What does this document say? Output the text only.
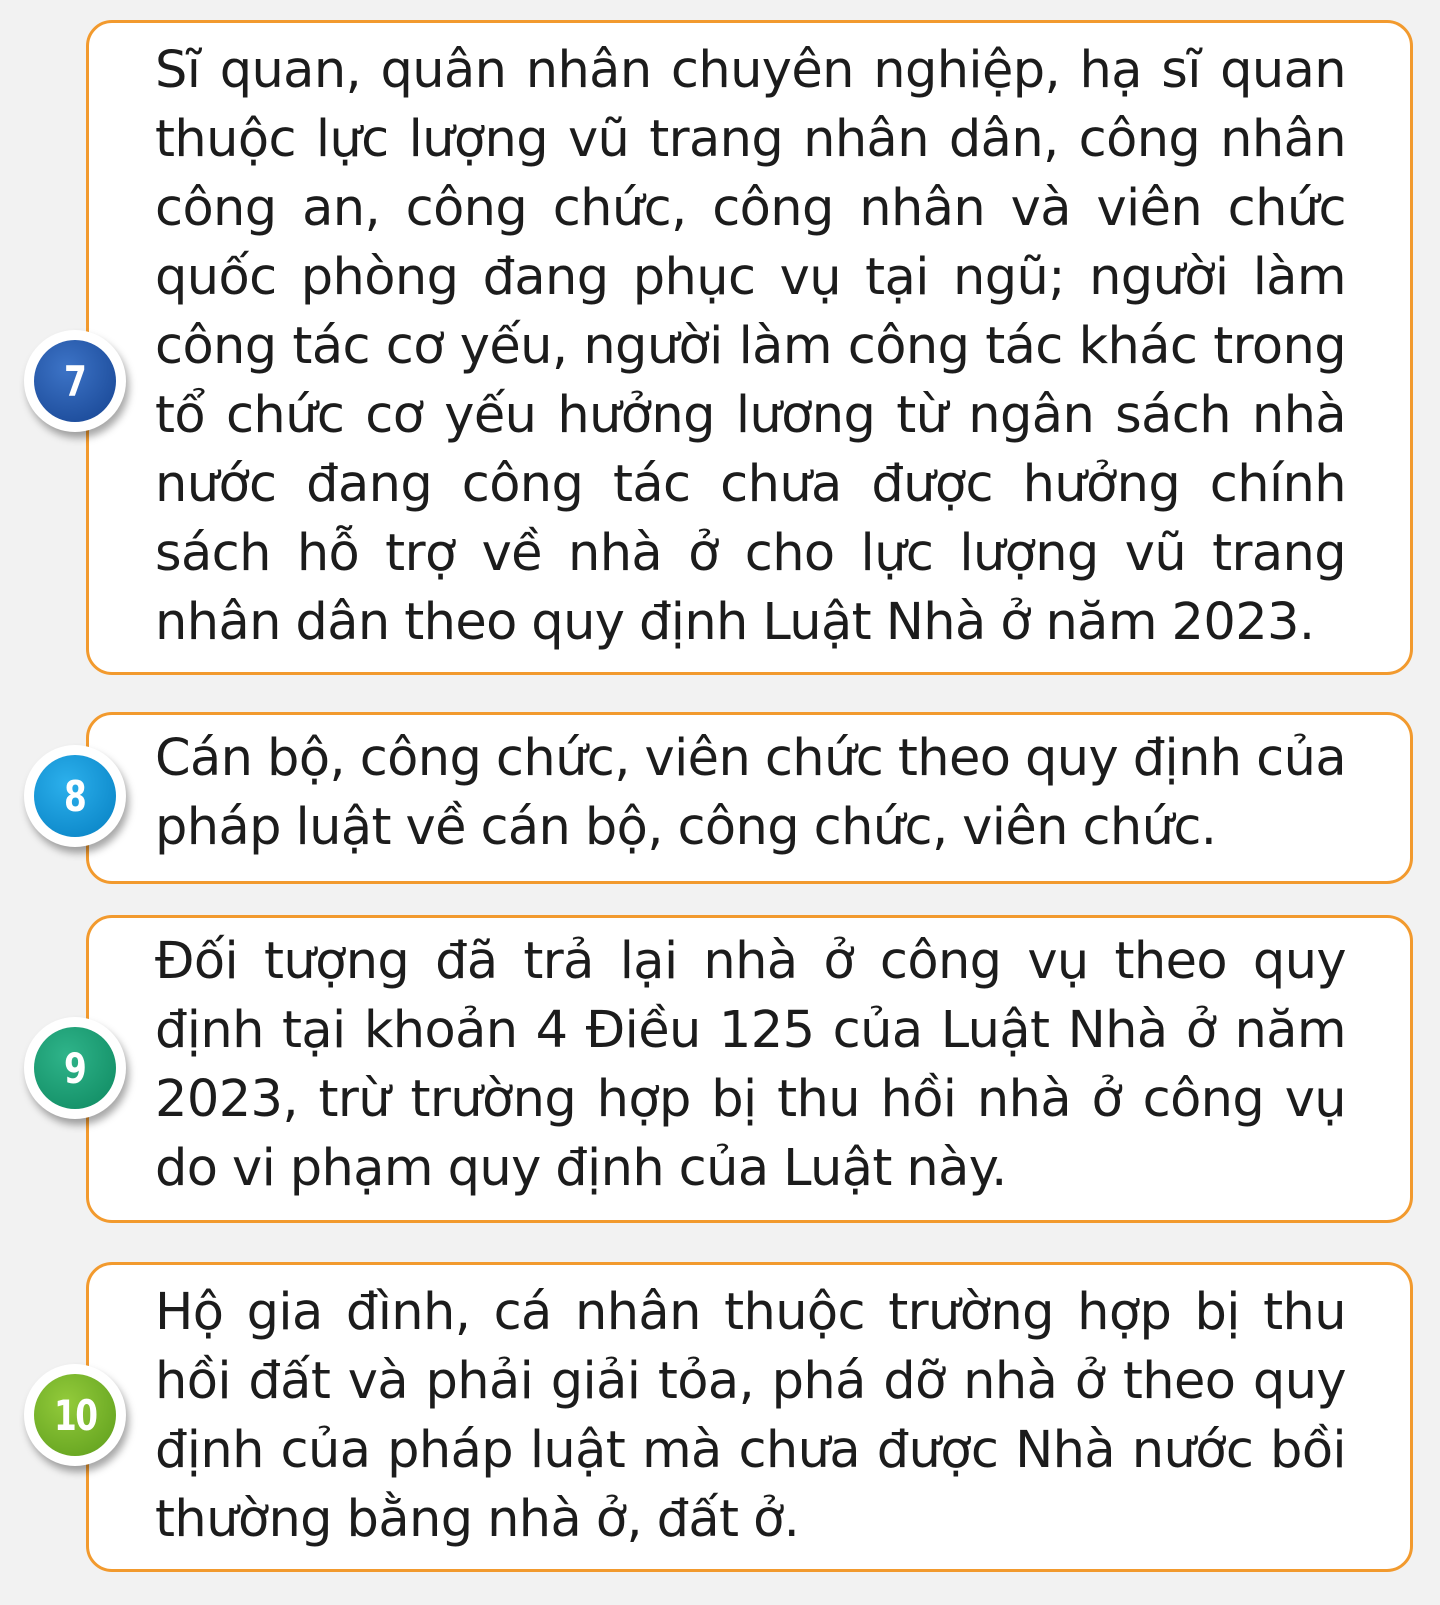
Sĩ quan, quân nhân chuyên nghiệp, hạ sĩ quan thuộc lực lượng vũ trang nhân dân, công nhân công an, công chức, công nhân và viên chức quốc phòng đang phục vụ tại ngũ; người làm công tác cơ yếu, người làm công tác khác trong tổ chức cơ yếu hưởng lương từ ngân sách nhà nước đang công tác chưa được hưởng chính sách hỗ trợ về nhà ở cho lực lượng vũ trang nhân dân theo quy định Luật Nhà ở năm 2023.

7

Cán bộ, công chức, viên chức theo quy định của pháp luật về cán bộ, công chức, viên chức.

8

Đối tượng đã trả lại nhà ở công vụ theo quy định tại khoản 4 Điều 125 của Luật Nhà ở năm 2023, trừ trường hợp bị thu hồi nhà ở công vụ do vi phạm quy định của Luật này.

9

Hộ gia đình, cá nhân thuộc trường hợp bị thu hồi đất và phải giải tỏa, phá dỡ nhà ở theo quy định của pháp luật mà chưa được Nhà nước bồi thường bằng nhà ở, đất ở.

10
